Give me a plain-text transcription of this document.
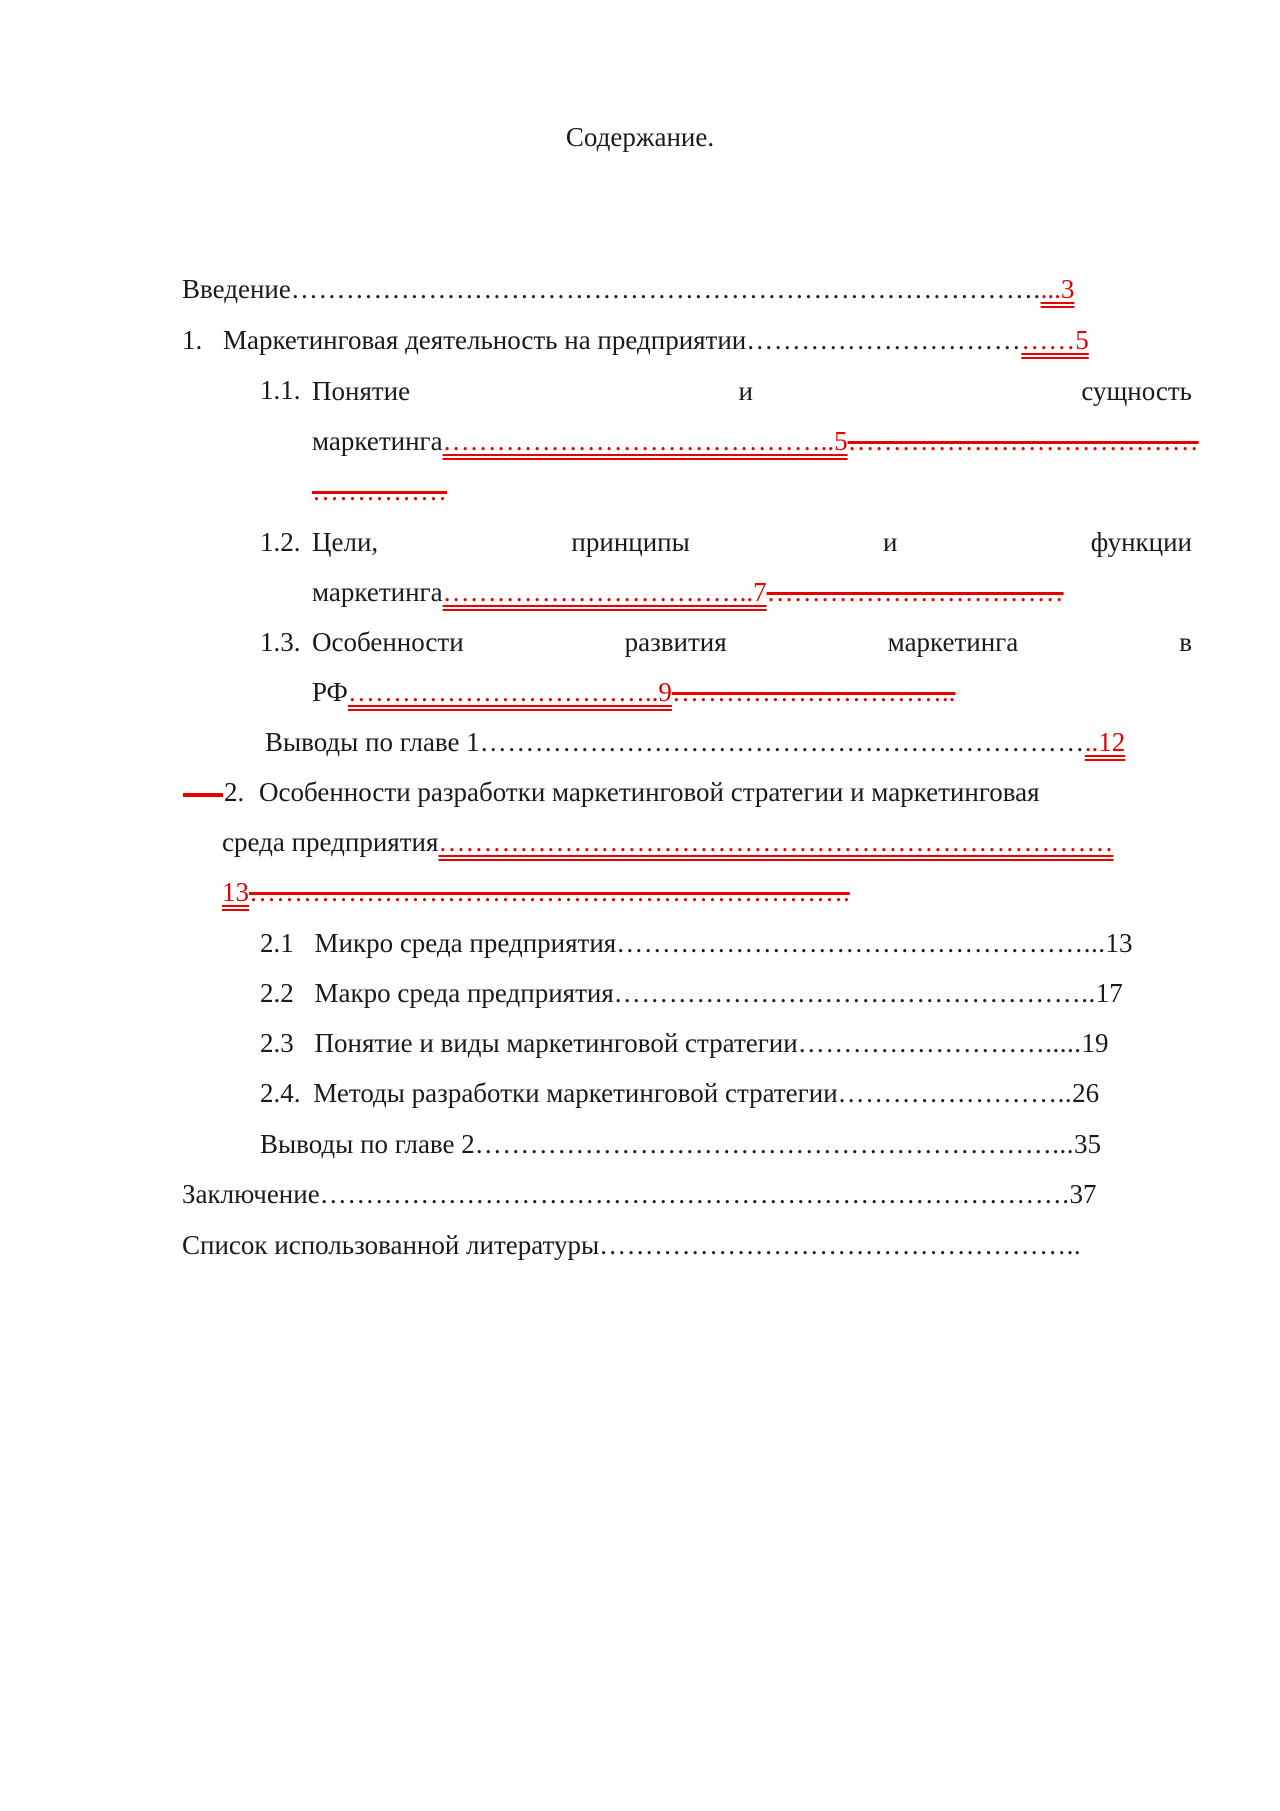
Содержание.
Введение………………………………………………………………………....3
1. Маркетинговая деятельность на предприятии………………………………5
1.1. Понятие	и	сущность
маркетинга……………………………………..5…………………………………
……………
1.2. Цели,	принципы	и	функции
маркетинга……………………………..7……………………………
1.3. Особенности	развития	маркетинга	в
РФ……………………………..9…………………………..
Выводы по главе 1…………………………………………………………..12
2. Особенности разработки маркетинговой стратегии и маркетинговая
среда предприятия…………………………………………………………………
13………………………………………………………….
2.1 Микро среда предприятия……………………………………………...13
2.2 Макро среда предприятия……………………………………………..17
2.3 Понятие и виды маркетинговой стратегии……………………….....19
2.4. Методы разработки маркетинговой стратегии……………………..26
Выводы по главе 2………………………………………………………...35
Заключение……………………………………………………………………….37
Список использованной литературы……………………………………………..
